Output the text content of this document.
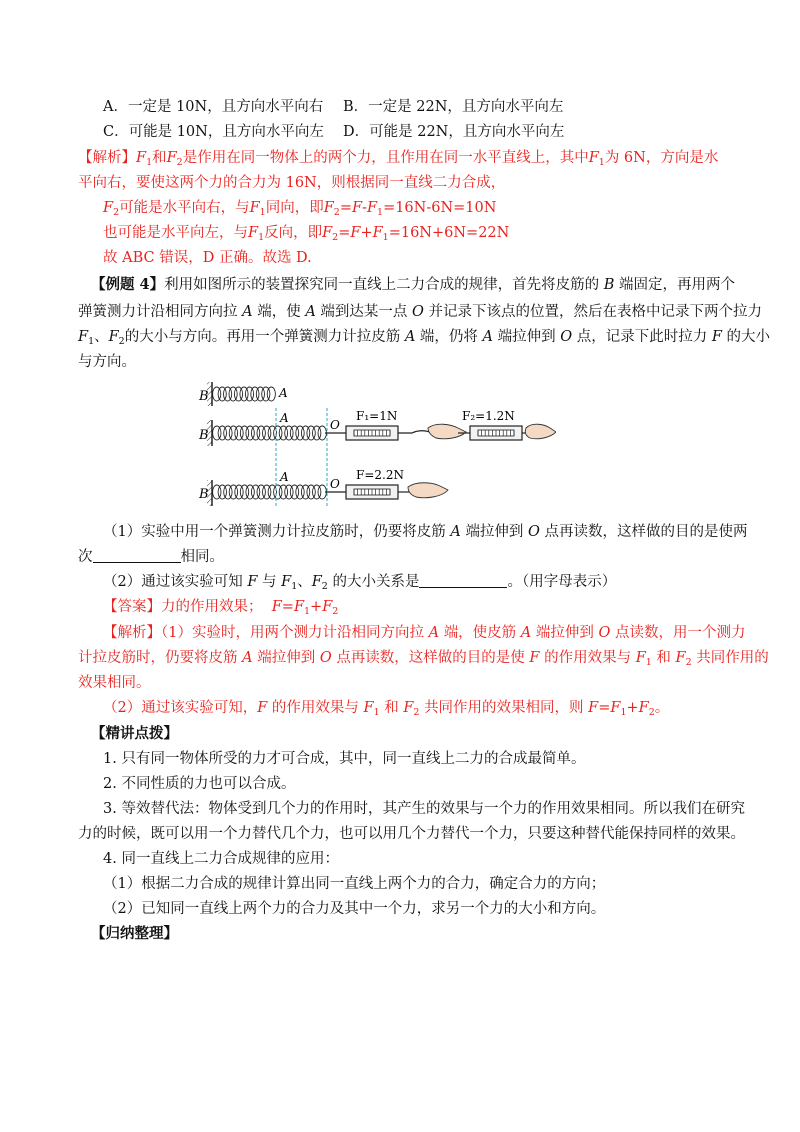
A．一定是 10N，且方向水平向右 B．一定是 22N，且方向水平向左
C．可能是 10N，且方向水平向左 D．可能是 22N，且方向水平向左
【解析】$F_1$和$F_2$是作用在同一物体上的两个力，且作用在同一水平直线上，其中$F_1$为 6N，方向是水
平向右，要使这两个力的合力为 16N，则根据同一直线二力合成，
$F_2$可能是水平向右，与$F_1$同向，即$F_2=F-F_1=16N-6N=10N$
也可能是水平向左，与$F_1$反向，即$F_2=F+F_1=16N+6N=22N$
故 ABC 错误，D 正确。故选 D.
【例题 4】利用如图所示的装置探究同一直线上二力合成的规律，首先将皮筋的 B 端固定，再用两个
弹簧测力计沿相同方向拉 A 端，使 A 端到达某一点 O 并记录下该点的位置，然后在表格中记录下两个拉力
$F_1$、$F_2$的大小与方向。再用一个弹簧测力计拉皮筋 A 端，仍将 A 端拉伸到 O 点，记录下此时拉力 F 的大小
与方向。
B
B
B
A
A
A
O
O
F₁=1N	F₂=1.2N
F=2.2N
（1）实验中用一个弹簧测力计拉皮筋时，仍要将皮筋 A 端拉伸到 O 点再读数，这样做的目的是使两
次	相同。
（2）通过该实验可知 F 与 $F_1$、$F_2$ 的大小关系是	。（用字母表示）
【答案】力的作用效果； $F=F_1+F_2$
【解析】（1）实验时，用两个测力计沿相同方向拉 A 端，使皮筋 A 端拉伸到 O 点读数，用一个测力
计拉皮筋时，仍要将皮筋 A 端拉伸到 O 点再读数，这样做的目的是使 F 的作用效果与 $F_1$ 和 $F_2$ 共同作用的
效果相同。
（2）通过该实验可知，F 的作用效果与 $F_1$ 和 $F_2$ 共同作用的效果相同，则 $F=F_1+F_2$。
【精讲点拨】
1. 只有同一物体所受的力才可合成，其中，同一直线上二力的合成最简单。
2. 不同性质的力也可以合成。
3. 等效替代法：物体受到几个力的作用时，其产生的效果与一个力的作用效果相同。所以我们在研究
力的时候，既可以用一个力替代几个力，也可以用几个力替代一个力，只要这种替代能保持同样的效果。
4. 同一直线上二力合成规律的应用：
（1）根据二力合成的规律计算出同一直线上两个力的合力，确定合力的方向；
（2）已知同一直线上两个力的合力及其中一个力，求另一个力的大小和方向。
【归纳整理】
